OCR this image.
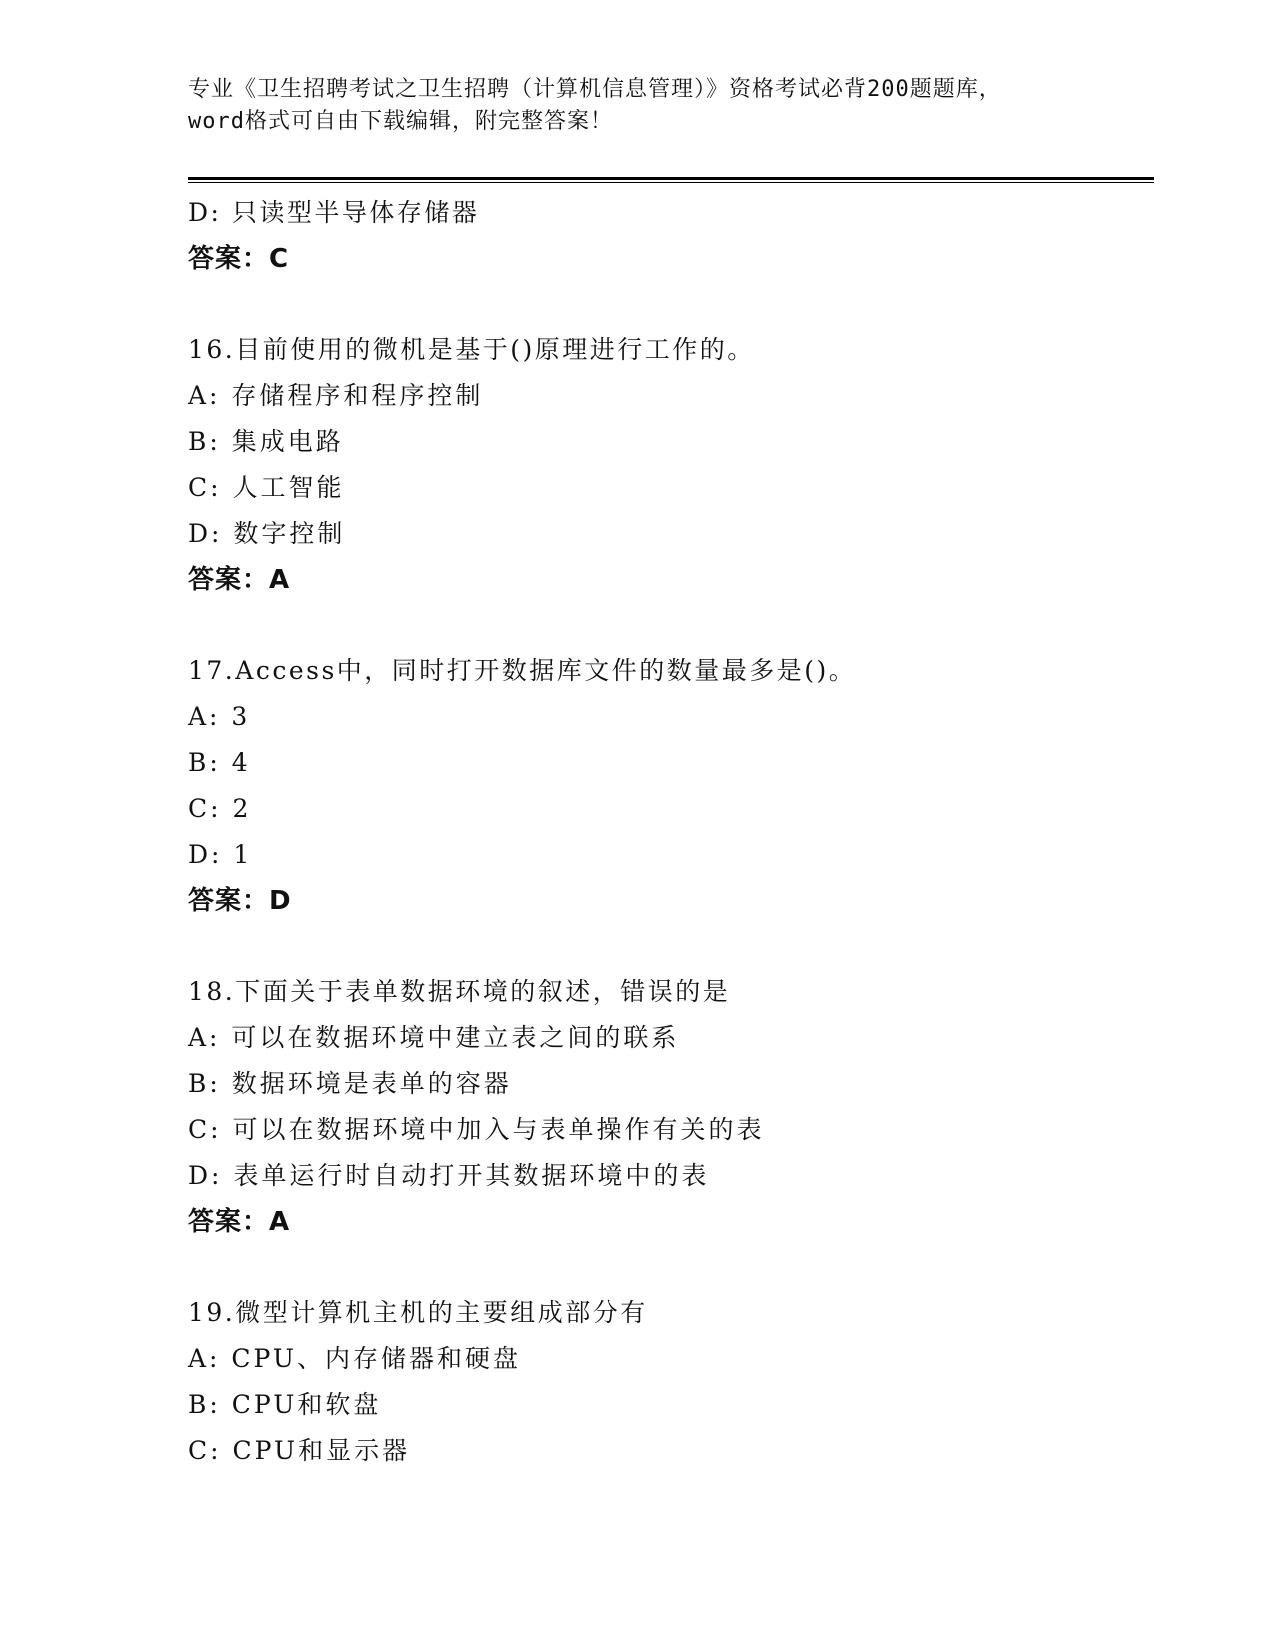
专业《卫生招聘考试之卫生招聘（计算机信息管理）》资格考试必背200题题库，
word格式可自由下载编辑，附完整答案！
D: 只读型半导体存储器
答案：C
16.目前使用的微机是基于()原理进行工作的。
A: 存储程序和程序控制
B: 集成电路
C: 人工智能
D: 数字控制
答案：A
17.Access中，同时打开数据库文件的数量最多是()。
A: 3
B: 4
C: 2
D: 1
答案：D
18.下面关于表单数据环境的叙述，错误的是
A: 可以在数据环境中建立表之间的联系
B: 数据环境是表单的容器
C: 可以在数据环境中加入与表单操作有关的表
D: 表单运行时自动打开其数据环境中的表
答案：A
19.微型计算机主机的主要组成部分有
A: CPU、内存储器和硬盘
B: CPU和软盘
C: CPU和显示器
